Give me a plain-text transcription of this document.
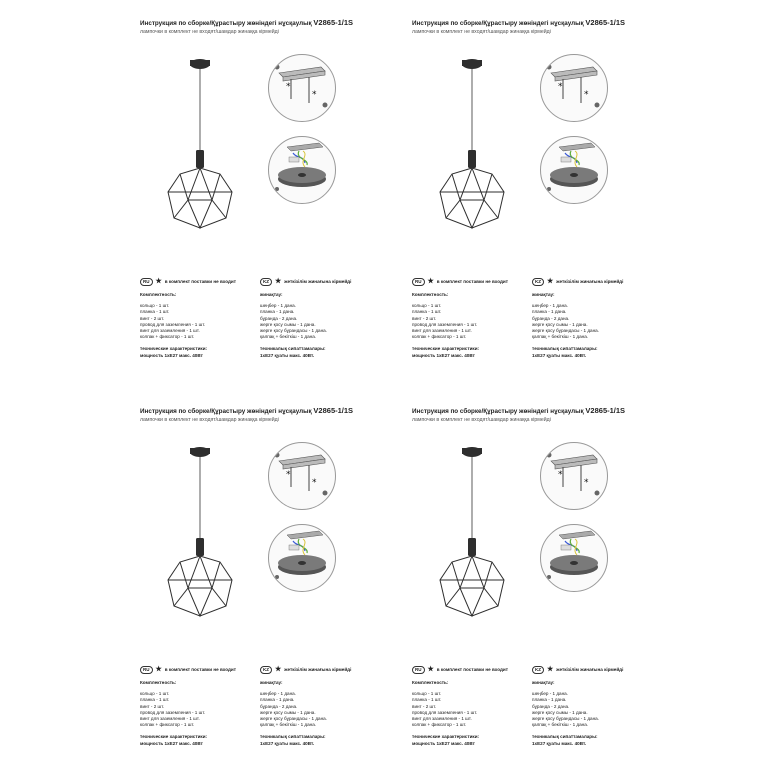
Инструкция по сборке/Құрастыру жөніндегі нұсқаулық V2865-1/1S
лампочки в комплект не входят/шамдар жинаққа кірмейді
*
*
RU ★ в комплект поставки не входит
Комплектность:
кольцо - 1 шт.
планка - 1 шт.
винт - 2 шт.
провод для заземления - 1 шт.
винт для заземления - 1 шт.
колпак + фиксатор - 1 шт.
технические характеристики:
мощность 1xE27 макс. 40Вт
KZ ★ жеткізілім жинағына кірмейді
жинақтау:
шеңбер - 1 дана.
планка - 1 дана.
бұранда - 2 дана.
жерге қосу сымы - 1 дана.
жерге қосу бұрандасы - 1 дана.
қалпақ + бекіткіш - 1 дана.
техникалық сипаттамалары:
1xE27 қуаты макс. 40Вт.
Инструкция по сборке/Құрастыру жөніндегі нұсқаулық V2865-1/1S
лампочки в комплект не входят/шамдар жинаққа кірмейді
*
*
RU ★ в комплект поставки не входит
Комплектность:
кольцо - 1 шт.
планка - 1 шт.
винт - 2 шт.
провод для заземления - 1 шт.
винт для заземления - 1 шт.
колпак + фиксатор - 1 шт.
технические характеристики:
мощность 1xE27 макс. 40Вт
KZ ★ жеткізілім жинағына кірмейді
жинақтау:
шеңбер - 1 дана.
планка - 1 дана.
бұранда - 2 дана.
жерге қосу сымы - 1 дана.
жерге қосу бұрандасы - 1 дана.
қалпақ + бекіткіш - 1 дана.
техникалық сипаттамалары:
1xE27 қуаты макс. 40Вт.
Инструкция по сборке/Құрастыру жөніндегі нұсқаулық V2865-1/1S
лампочки в комплект не входят/шамдар жинаққа кірмейді
*
*
RU ★ в комплект поставки не входит
Комплектность:
кольцо - 1 шт.
планка - 1 шт.
винт - 2 шт.
провод для заземления - 1 шт.
винт для заземления - 1 шт.
колпак + фиксатор - 1 шт.
технические характеристики:
мощность 1xE27 макс. 40Вт
KZ ★ жеткізілім жинағына кірмейді
жинақтау:
шеңбер - 1 дана.
планка - 1 дана.
бұранда - 2 дана.
жерге қосу сымы - 1 дана.
жерге қосу бұрандасы - 1 дана.
қалпақ + бекіткіш - 1 дана.
техникалық сипаттамалары:
1xE27 қуаты макс. 40Вт.
Инструкция по сборке/Құрастыру жөніндегі нұсқаулық V2865-1/1S
лампочки в комплект не входят/шамдар жинаққа кірмейді
*
*
RU ★ в комплект поставки не входит
Комплектность:
кольцо - 1 шт.
планка - 1 шт.
винт - 2 шт.
провод для заземления - 1 шт.
винт для заземления - 1 шт.
колпак + фиксатор - 1 шт.
технические характеристики:
мощность 1xE27 макс. 40Вт
KZ ★ жеткізілім жинағына кірмейді
жинақтау:
шеңбер - 1 дана.
планка - 1 дана.
бұранда - 2 дана.
жерге қосу сымы - 1 дана.
жерге қосу бұрандасы - 1 дана.
қалпақ + бекіткіш - 1 дана.
техникалық сипаттамалары:
1xE27 қуаты макс. 40Вт.
